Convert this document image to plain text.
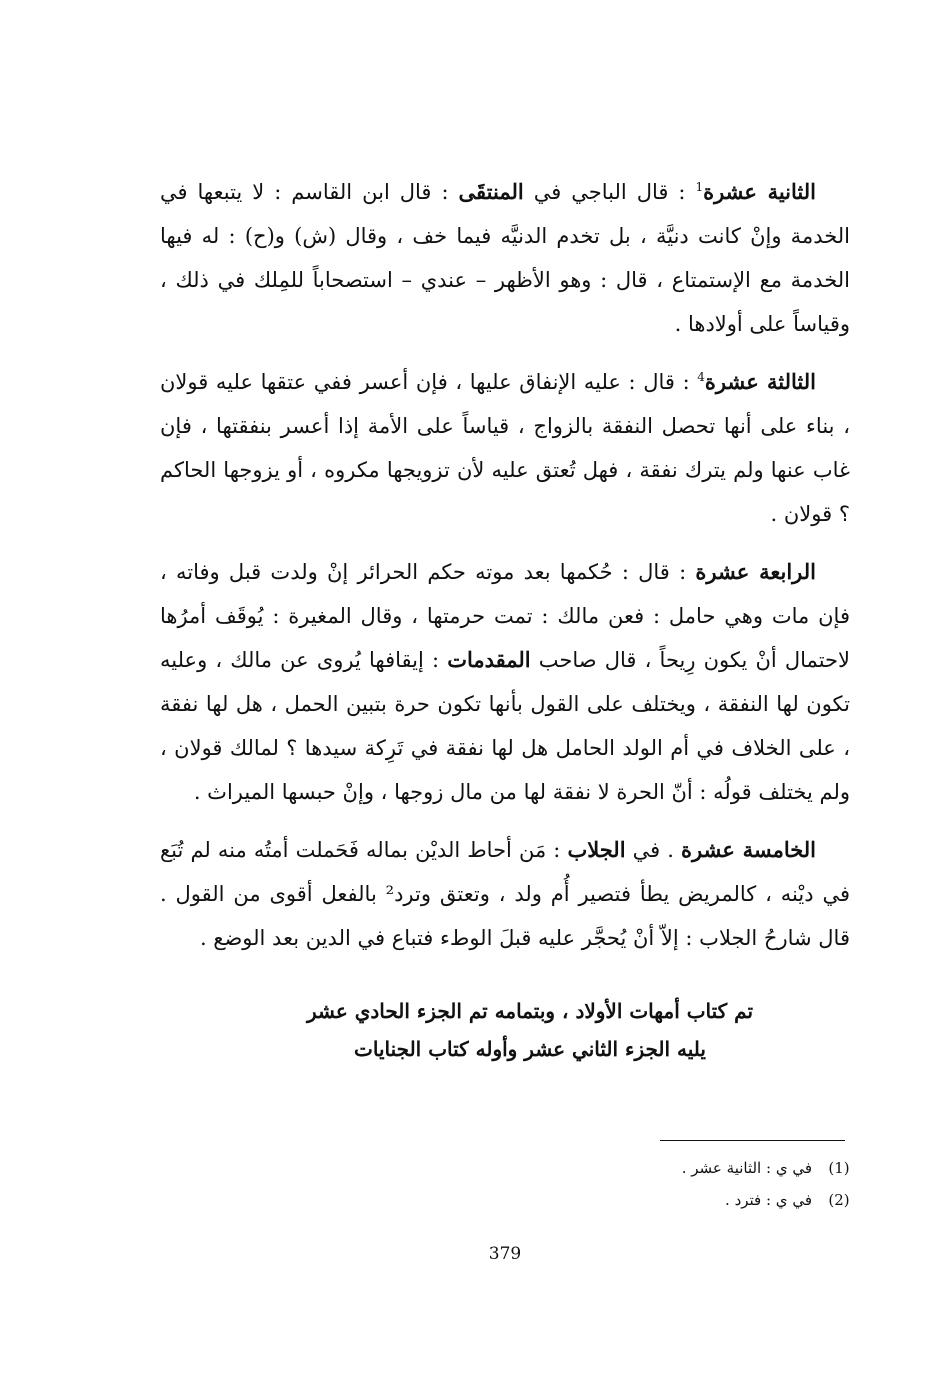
الثانية عشرة$^1$ : قال الباجي في المنتقَى : قال ابن القاسم : لا يتبعها في الخدمة وإنْ كانت دنيَّة ، بل تخدم الدنيَّه فيما خف ، وقال (ش) و(ح) : له فيها الخدمة مع الإستمتاع ، قال : وهو الأظهر – عندي – استصحاباً للمِلك في ذلك ، وقياساً على أولادها .

الثالثة عشرة$^4$ : قال : عليه الإنفاق عليها ، فإن أعسر ففي عتقها عليه قولان ، بناء على أنها تحصل النفقة بالزواج ، قياساً على الأمة إذا أعسر بنفقتها ، فإن غاب عنها ولم يترك نفقة ، فهل تُعتق عليه لأن تزويجها مكروه ، أو يزوجها الحاكم ؟ قولان .

الرابعة عشرة : قال : حُكمها بعد موته حكم الحرائر إنْ ولدت قبل وفاته ، فإن مات وهي حامل : فعن مالك : تمت حرمتها ، وقال المغيرة : يُوقَف أمرُها لاحتمال أنْ يكون رِيحاً ، قال صاحب المقدمات : إيقافها يُروى عن مالك ، وعليه تكون لها النفقة ، ويختلف على القول بأنها تكون حرة بتبين الحمل ، هل لها نفقة ، على الخلاف في أم الولد الحامل هل لها نفقة في تَرِكة سيدها ؟ لمالك قولان ، ولم يختلف قولُه : أنّ الحرة لا نفقة لها من مال زوجها ، وإنْ حبسها الميراث .

الخامسة عشرة . في الجلاب : مَن أحاط الديْن بماله فَحَملت أمتُه منه لم تُبَع في ديْنه ، كالمريض يطأ فتصير أُم ولد ، وتعتق وترد² بالفعل أقوى من القول . قال شارحُ الجلاب : إلاّ أنْ يُحجَّر عليه قبلَ الوطء فتباع في الدين بعد الوضع .

تم كتاب أمهات الأولاد ، وبتمامه تم الجزء الحادي عشر
يليه الجزء الثاني عشر وأوله كتاب الجنايات
(1)
في ي : الثانية عشر .
(2)
في ي : فترد .
379
